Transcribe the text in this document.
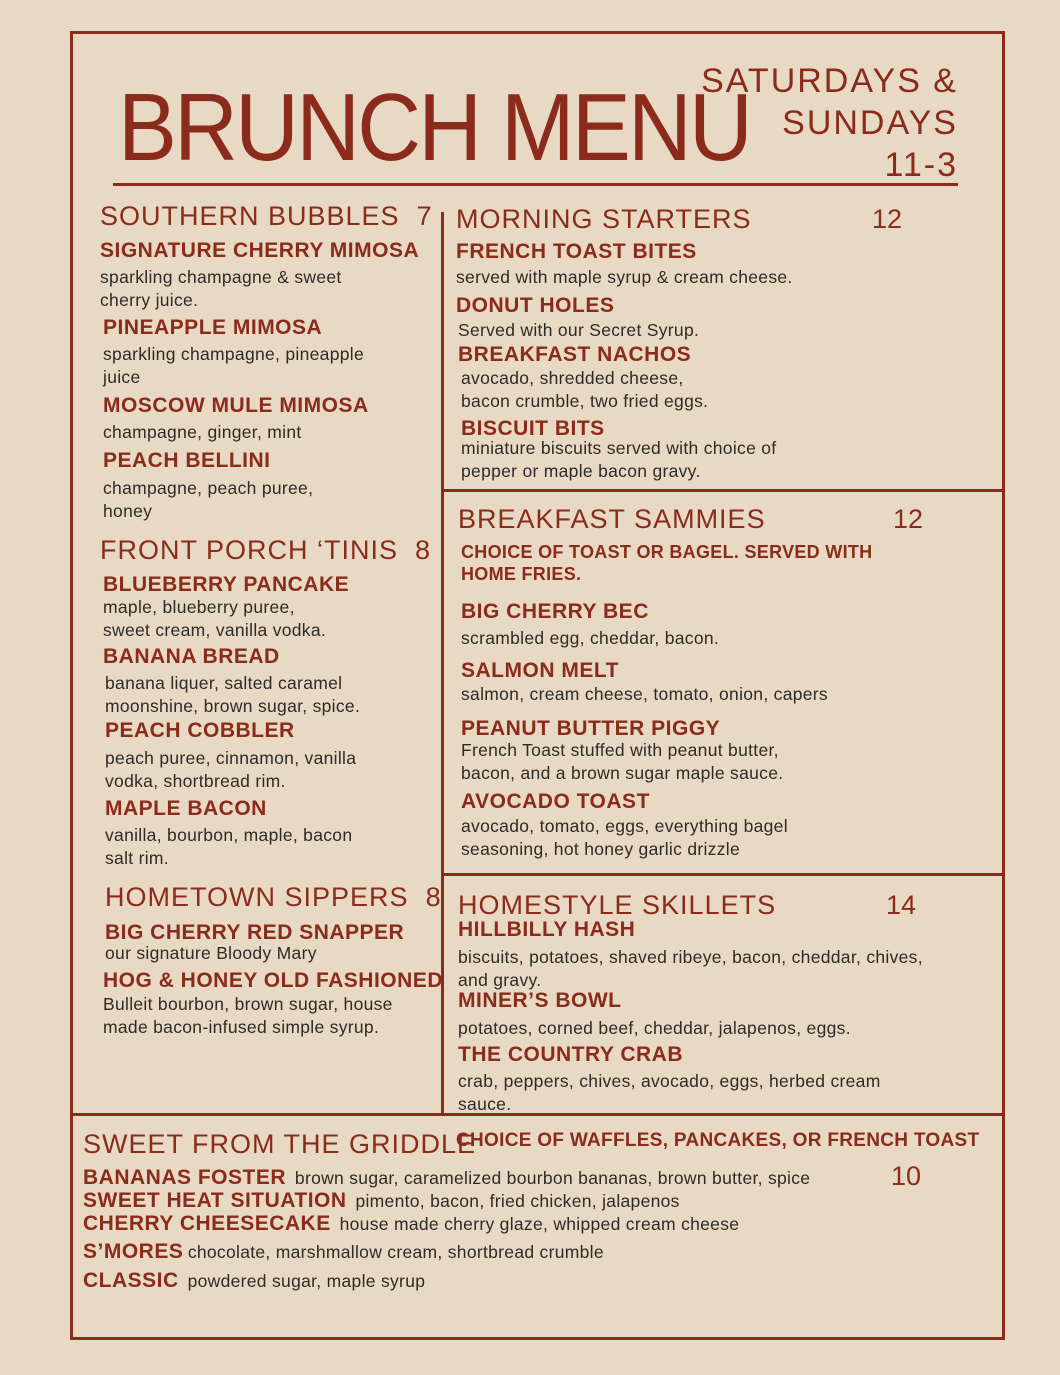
BRUNCH MENU
SATURDAYS &
SUNDAYS
11-3
SOUTHERN BUBBLES 7
SIGNATURE CHERRY MIMOSA
sparkling champagne & sweet
cherry juice.
PINEAPPLE MIMOSA
sparkling champagne, pineapple
juice
MOSCOW MULE MIMOSA
champagne, ginger, mint
PEACH BELLINI
champagne, peach puree,
honey
FRONT PORCH ‘TINIS 8
BLUEBERRY PANCAKE
maple, blueberry puree,
sweet cream, vanilla vodka.
BANANA BREAD
banana liquer, salted caramel
moonshine, brown sugar, spice.
PEACH COBBLER
peach puree, cinnamon, vanilla
vodka, shortbread rim.
MAPLE BACON
vanilla, bourbon, maple, bacon
salt rim.
HOMETOWN SIPPERS 8
BIG CHERRY RED SNAPPER
our signature Bloody Mary
HOG & HONEY OLD FASHIONED
Bulleit bourbon, brown sugar, house
made bacon-infused simple syrup.
MORNING STARTERS	12
FRENCH TOAST BITES
served with maple syrup & cream cheese.
DONUT HOLES
Served with our Secret Syrup.
BREAKFAST NACHOS
avocado, shredded cheese,
bacon crumble, two fried eggs.
BISCUIT BITS
miniature biscuits served with choice of
pepper or maple bacon gravy.
BREAKFAST SAMMIES	12
CHOICE OF TOAST OR BAGEL. SERVED WITH
HOME FRIES.
BIG CHERRY BEC
scrambled egg, cheddar, bacon.
SALMON MELT
salmon, cream cheese, tomato, onion, capers
PEANUT BUTTER PIGGY
French Toast stuffed with peanut butter,
bacon, and a brown sugar maple sauce.
AVOCADO TOAST
avocado, tomato, eggs, everything bagel
seasoning, hot honey garlic drizzle
HOMESTYLE SKILLETS	14
HILLBILLY HASH
biscuits, potatoes, shaved ribeye, bacon, cheddar, chives,
and gravy.
MINER’S BOWL
potatoes, corned beef, cheddar, jalapenos, eggs.
THE COUNTRY CRAB
crab, peppers, chives, avocado, eggs, herbed cream
sauce.
SWEET FROM THE GRIDDLE
CHOICE OF WAFFLES, PANCAKES, OR FRENCH TOAST
10
BANANAS FOSTER brown sugar, caramelized bourbon bananas, brown butter, spice
SWEET HEAT SITUATION pimento, bacon, fried chicken, jalapenos
CHERRY CHEESECAKE house made cherry glaze, whipped cream cheese
S’MORES chocolate, marshmallow cream, shortbread crumble
CLASSIC powdered sugar, maple syrup
